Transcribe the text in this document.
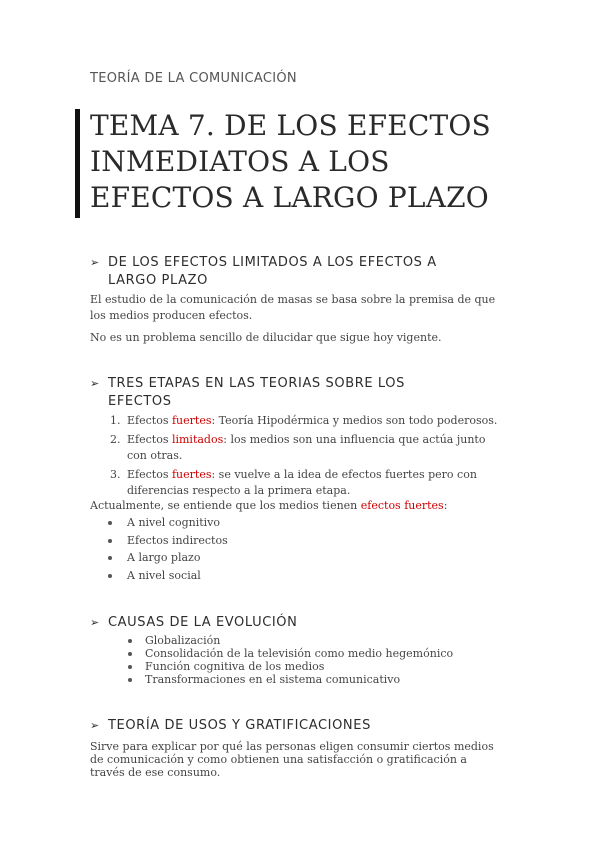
TEORÍA DE LA COMUNICACIÓN
TEMA 7. DE LOS EFECTOS
INMEDIATOS A LOS
EFECTOS A LARGO PLAZO
➢ DE LOS EFECTOS LIMITADOS A LOS EFECTOS A
LARGO PLAZO
El estudio de la comunicación de masas se basa sobre la premisa de que
los medios producen efectos.
No es un problema sencillo de dilucidar que sigue hoy vigente.
➢ TRES ETAPAS EN LAS TEORIAS SOBRE LOS
EFECTOS
1. Efectos fuertes: Teoría Hipodérmica y medios son todo poderosos.
2. Efectos limitados: los medios son una influencia que actúa junto
con otras.
3. Efectos fuertes: se vuelve a la idea de efectos fuertes pero con
diferencias respecto a la primera etapa.
Actualmente, se entiende que los medios tienen efectos fuertes:
A nivel cognitivo
Efectos indirectos
A largo plazo
A nivel social
➢ CAUSAS DE LA EVOLUCIÓN
Globalización
Consolidación de la televisión como medio hegemónico
Función cognitiva de los medios
Transformaciones en el sistema comunicativo
➢ TEORÍA DE USOS Y GRATIFICACIONES
Sirve para explicar por qué las personas eligen consumir ciertos medios
de comunicación y como obtienen una satisfacción o gratificación a
través de ese consumo.
